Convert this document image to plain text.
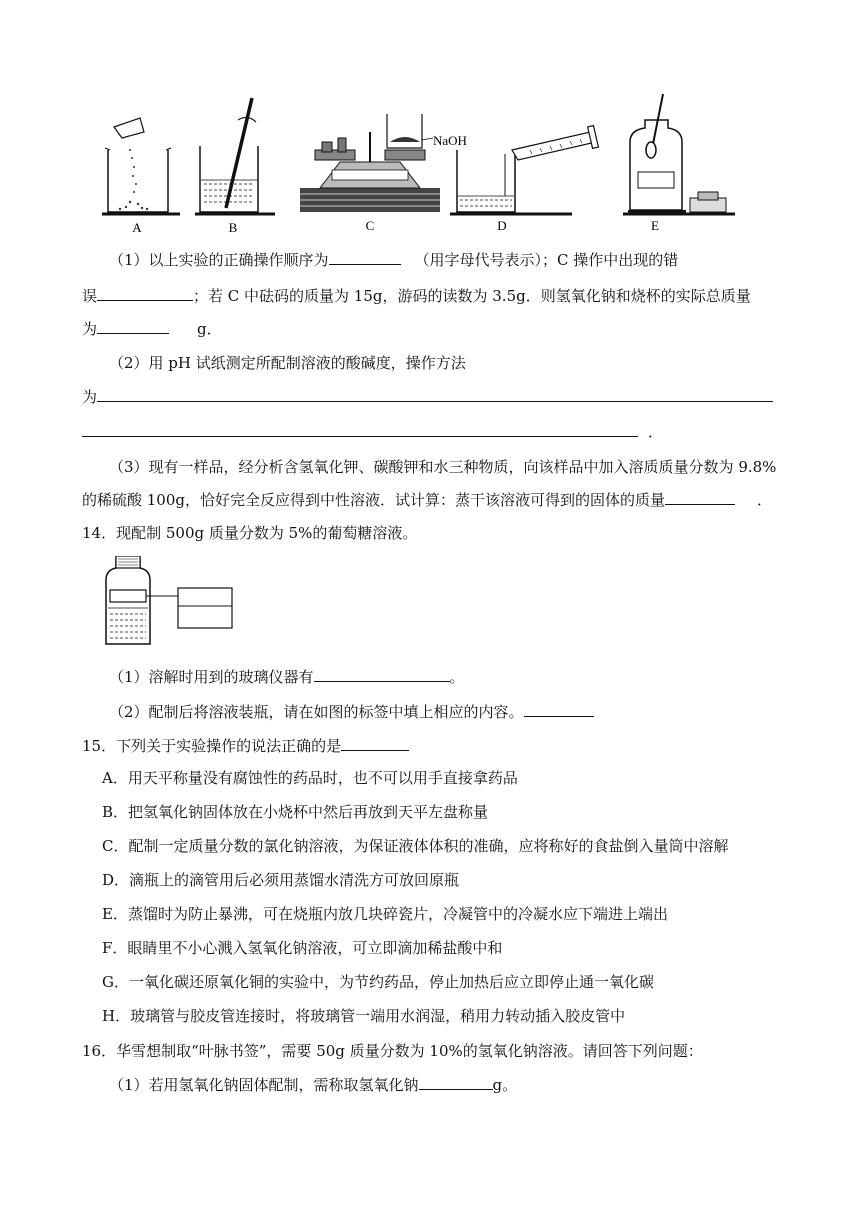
A	B	C
NaOH
D	E
（1）以上实验的正确操作顺序为	（用字母代号表示）；C 操作中出现的错
误	；若 C 中砝码的质量为 15g，游码的读数为 3.5g．则氢氧化钠和烧杯的实际总质量
为	g．
（2）用 pH 试纸测定所配制溶液的酸碱度，操作方法
为
．
（3）现有一样品，经分析含氢氧化钾、碳酸钾和水三种物质，向该样品中加入溶质质量分数为 9.8%
的稀硫酸 100g，恰好完全反应得到中性溶液．试计算：蒸干该溶液可得到的固体的质量	．
14．现配制 500g 质量分数为 5%的葡萄糖溶液。
（1）溶解时用到的玻璃仪器有	。
（2）配制后将溶液装瓶，请在如图的标签中填上相应的内容。
15．下列关于实验操作的说法正确的是
A．用天平称量没有腐蚀性的药品时，也不可以用手直接拿药品
B．把氢氧化钠固体放在小烧杯中然后再放到天平左盘称量
C．配制一定质量分数的氯化钠溶液，为保证液体体积的准确，应将称好的食盐倒入量筒中溶解
D．滴瓶上的滴管用后必须用蒸馏水清洗方可放回原瓶
E．蒸馏时为防止暴沸，可在烧瓶内放几块碎瓷片，冷凝管中的冷凝水应下端进上端出
F．眼睛里不小心溅入氢氧化钠溶液，可立即滴加稀盐酸中和
G．一氧化碳还原氧化铜的实验中，为节约药品，停止加热后应立即停止通一氧化碳
H．玻璃管与胶皮管连接时，将玻璃管一端用水润湿，稍用力转动插入胶皮管中
16．华雪想制取“叶脉书签”，需要 50g 质量分数为 10%的氢氧化钠溶液。请回答下列问题：
（1）若用氢氧化钠固体配制，需称取氢氧化钠	g。
